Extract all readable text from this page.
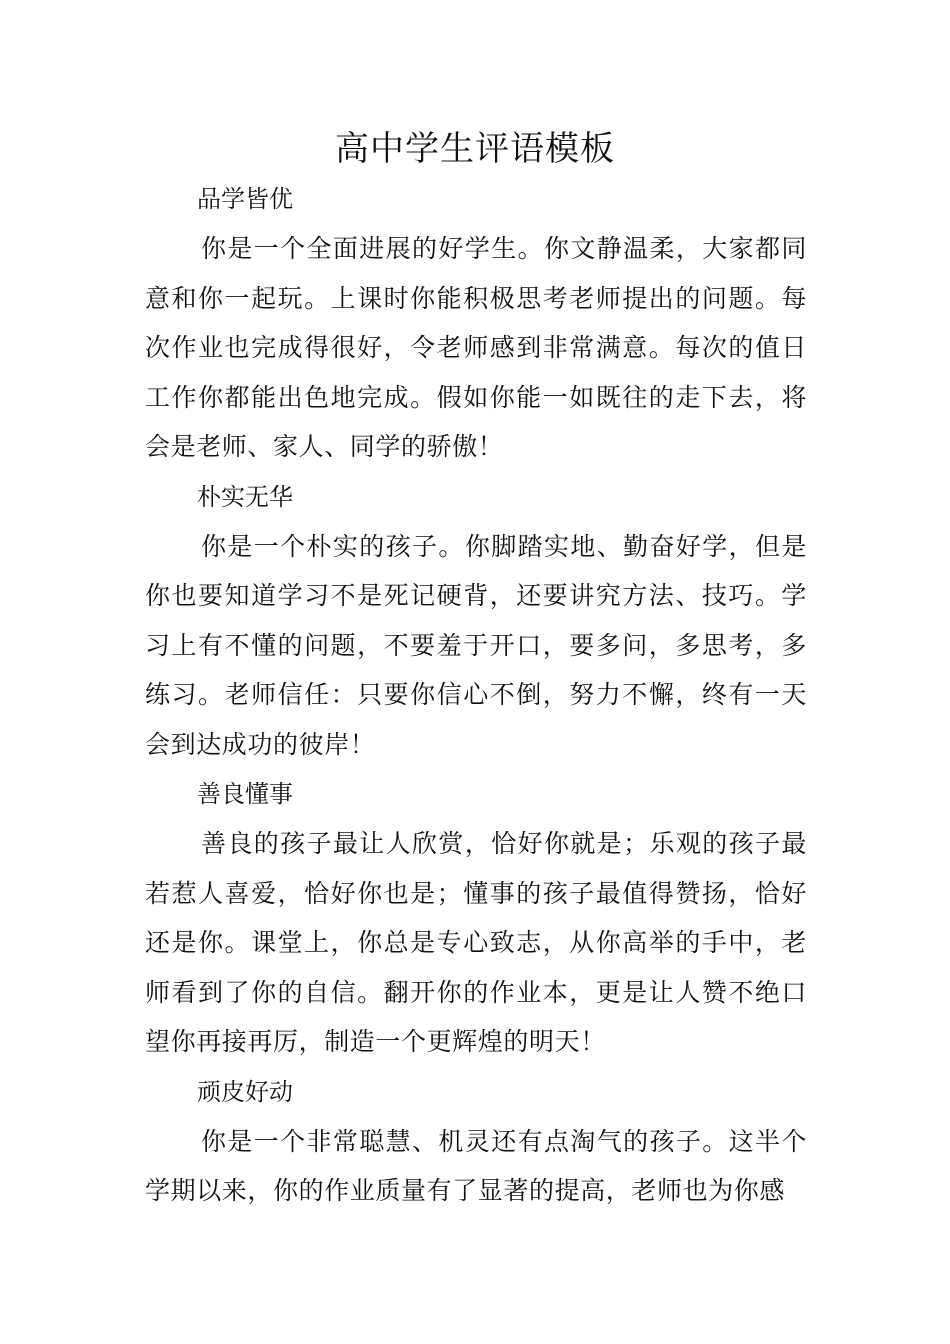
高中学生评语模板

品学皆优

你是一个全面进展的好学生。你文静温柔，大家都同意和你一起玩。上课时你能积极思考老师提出的问题。每次作业也完成得很好，令老师感到非常满意。每次的值日工作你都能出色地完成。假如你能一如既往的走下去，将会是老师、家人、同学的骄傲！

朴实无华

你是一个朴实的孩子。你脚踏实地、勤奋好学，但是你也要知道学习不是死记硬背，还要讲究方法、技巧。学习上有不懂的问题，不要羞于开口，要多问，多思考，多练习。老师信任：只要你信心不倒，努力不懈，终有一天会到达成功的彼岸！

善良懂事

善良的孩子最让人欣赏，恰好你就是；乐观的孩子最若惹人喜爱，恰好你也是；懂事的孩子最值得赞扬，恰好还是你。课堂上，你总是专心致志，从你高举的手中，老师看到了你的自信。翻开你的作业本，更是让人赞不绝口望你再接再厉，制造一个更辉煌的明天！

顽皮好动

你是一个非常聪慧、机灵还有点淘气的孩子。这半个学期以来，你的作业质量有了显著的提高，老师也为你感
